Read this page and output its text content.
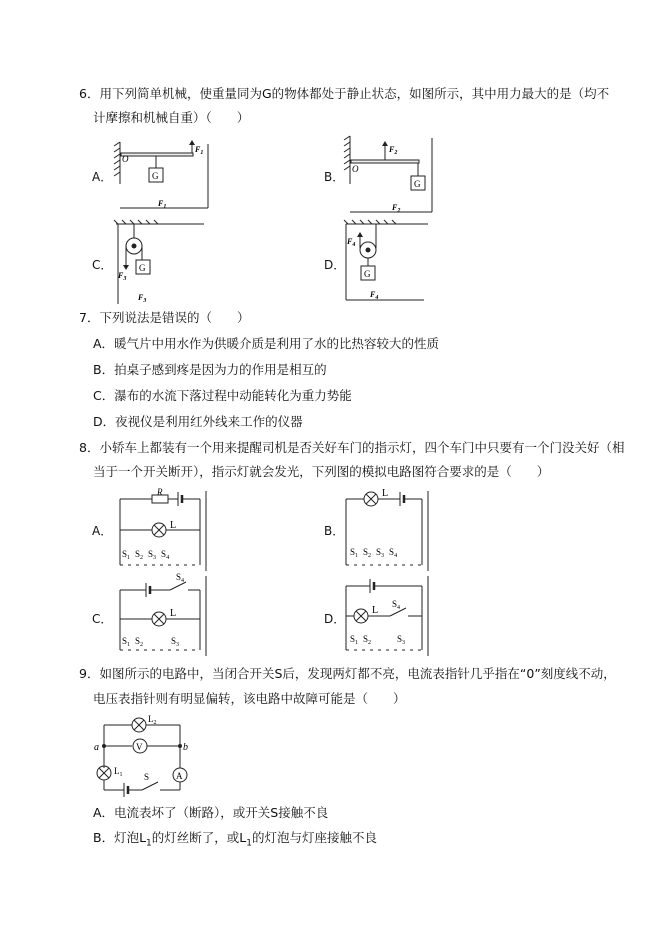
6．用下列简单机械，使重量同为G的物体都处于静止状态，如图所示，其中用力最大的是（均不
计摩擦和机械自重）（　　）
A．
O
G
$F_1$
$F_1$
B．
O
G
$F_2$
$F_2$
C．	G
$F_3$
$F_3$
D．
G
$F_4$
$F_4$
7．下列说法是错误的（　　）
A．暖气片中用水作为供暖介质是利用了水的比热容较大的性质
B．拍桌子感到疼是因为力的作用是相互的
C．瀑布的水流下落过程中动能转化为重力势能
D．夜视仪是利用红外线来工作的仪器
8．小轿车上都装有一个用来提醒司机是否关好车门的指示灯，四个车门中只要有一个门没关好（相
当于一个开关断开），指示灯就会发光，下列图的模拟电路图符合要求的是（　　）
A．
R
L
$S_1$ $S_2$ $S_3$ $S_4$
B．
L
$S_1$ $S_2$ $S_3$ $S_4$
C．
$S_4$
L
$S_1$ $S_2$	$S_3$
D．
L
$S_4$
$S_1$ $S_2$	$S_3$
9．如图所示的电路中，当闭合开关S后，发现两灯都不亮，电流表指针几乎指在“0”刻度线不动，
电压表指针则有明显偏转，该电路中故障可能是（　　）
a	b
$L_2$
$L_1$
V
A
S
A．电流表坏了（断路），或开关S接触不良
B．灯泡$L_1$的灯丝断了，或$L_1$的灯泡与灯座接触不良
